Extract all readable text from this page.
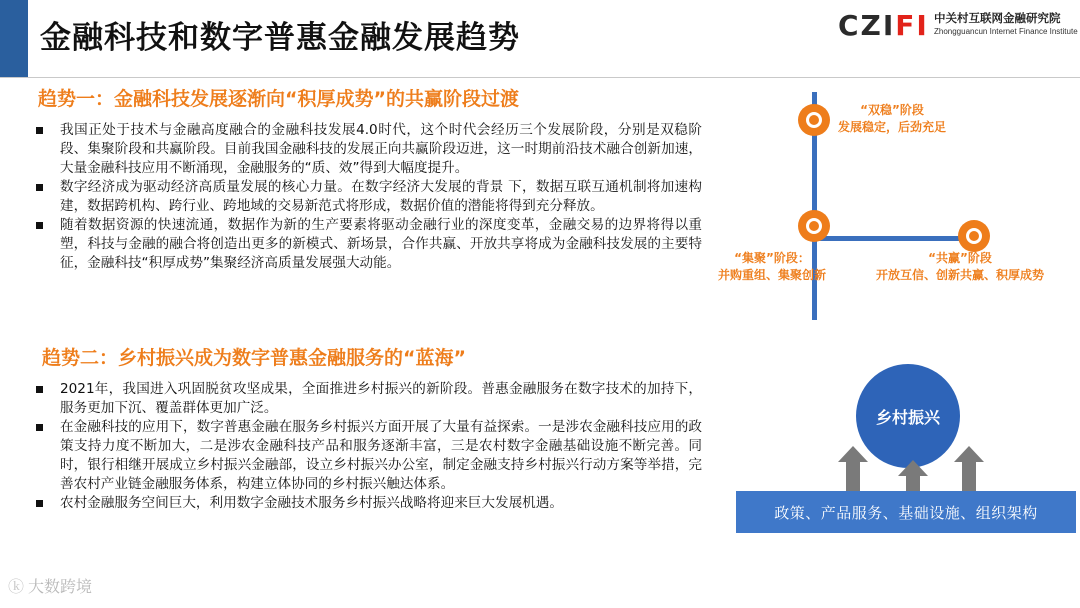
金融科技和数字普惠金融发展趋势	CZIFI 中关村互联网金融研究院
Zhongguancun Internet Finance Institute
趋势一：金融科技发展逐渐向“积厚成势”的共赢阶段过渡
我国正处于技术与金融高度融合的金融科技发展4.0时代，这个时代会经历三个发展阶段，分别是双稳阶段、集聚阶段和共赢阶段。目前我国金融科技的发展正向共赢阶段迈进，这一时期前沿技术融合创新加速，大量金融科技应用不断涌现，金融服务的“质、效”得到大幅度提升。
数字经济成为驱动经济高质量发展的核心力量。在数字经济大发展的背景 下，数据互联互通机制将加速构建，数据跨机构、跨行业、跨地域的交易新范式将形成，数据价值的潜能将得到充分释放。
随着数据资源的快速流通，数据作为新的生产要素将驱动金融行业的深度变革，金融交易的边界将得以重塑，科技与金融的融合将创造出更多的新模式、新场景，合作共赢、开放共享将成为金融科技发展的主要特征，金融科技“积厚成势”集聚经济高质量发展强大动能。
趋势二：乡村振兴成为数字普惠金融服务的“蓝海”
2021年，我国进入巩固脱贫攻坚成果，全面推进乡村振兴的新阶段。普惠金融服务在数字技术的加持下，服务更加下沉、覆盖群体更加广泛。
在金融科技的应用下，数字普惠金融在服务乡村振兴方面开展了大量有益探索。一是涉农金融科技应用的政策支持力度不断加大，二是涉农金融科技产品和服务逐渐丰富，三是农村数字金融基础设施不断完善。同时，银行相继开展成立乡村振兴金融部，设立乡村振兴办公室，制定金融支持乡村振兴行动方案等举措，完善农村产业链金融服务体系，构建立体协同的乡村振兴触达体系。
农村金融服务空间巨大，利用数字金融技术服务乡村振兴战略将迎来巨大发展机遇。
“双稳”阶段
发展稳定，后劲充足
“集聚”阶段：
并购重组、集聚创新
“共赢”阶段
开放互信、创新共赢、积厚成势
乡村振兴
政策、产品服务、基础设施、组织架构
ⓚ 大数跨境
